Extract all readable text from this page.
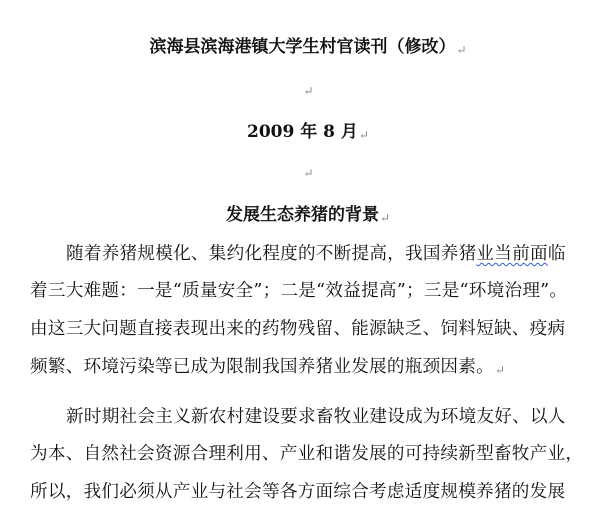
滨海县滨海港镇大学生村官读刊（修改）↵
↵
2009 年 8 月↵
↵
发展生态养猪的背景↵
随着养猪规模化、集约化程度的不断提高，我国养猪业当前面临
着三大难题：一是“质量安全”；二是“效益提高”；三是“环境治理”。
由这三大问题直接表现出来的药物残留、能源缺乏、饲料短缺、疫病
频繁、环境污染等已成为限制我国养猪业发展的瓶颈因素。↵
新时期社会主义新农村建设要求畜牧业建设成为环境友好、以人
为本、自然社会资源合理利用、产业和谐发展的可持续新型畜牧产业，
所以，我们必须从产业与社会等各方面综合考虑适度规模养猪的发展
